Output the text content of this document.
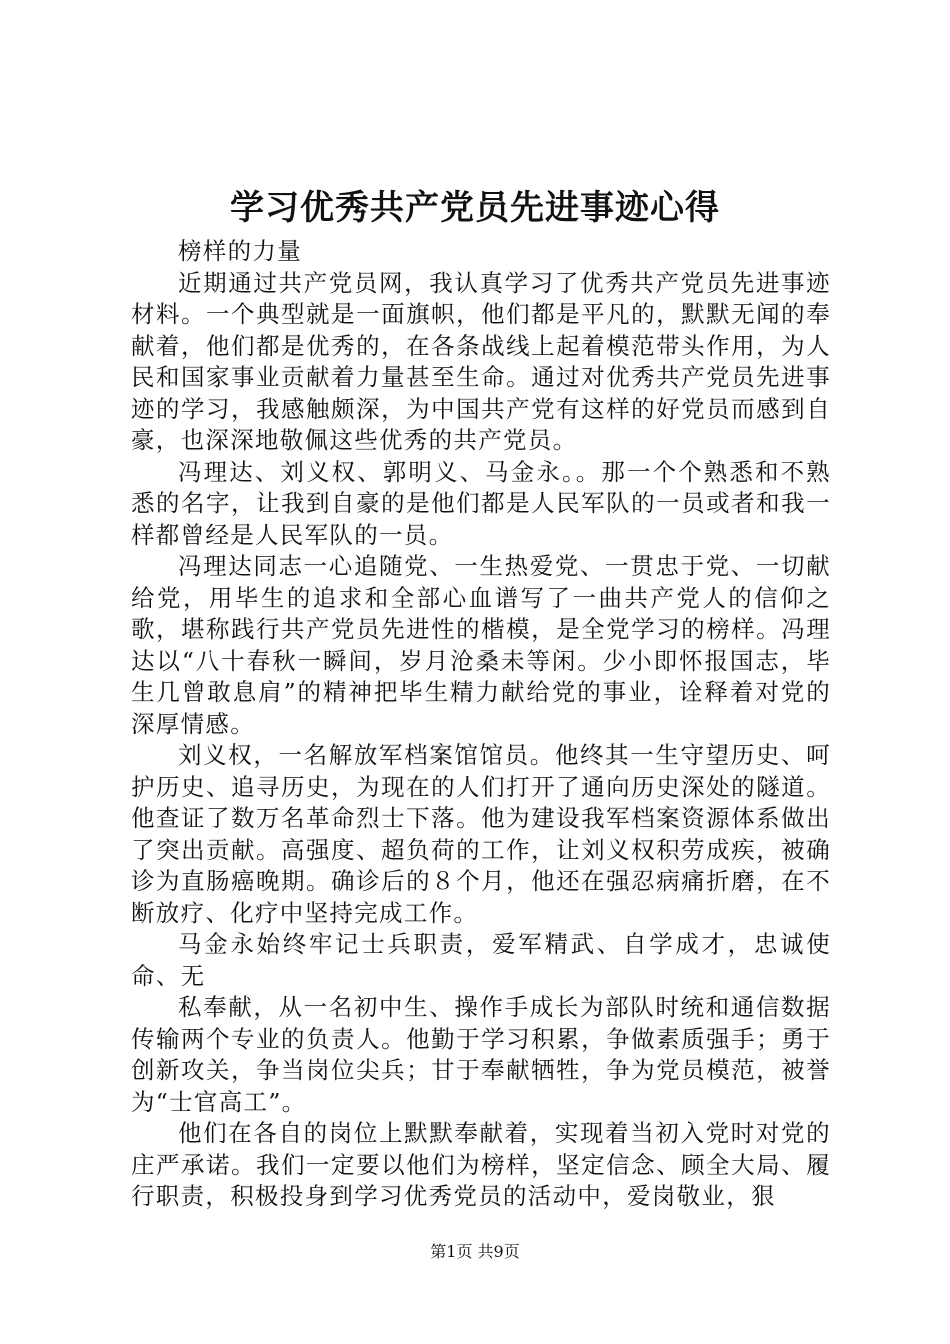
学习优秀共产党员先进事迹心得

榜样的力量

近期通过共产党员网，我认真学习了优秀共产党员先进事迹材料。一个典型就是一面旗帜，他们都是平凡的，默默无闻的奉献着，他们都是优秀的，在各条战线上起着模范带头作用，为人民和国家事业贡献着力量甚至生命。通过对优秀共产党员先进事迹的学习，我感触颇深，为中国共产党有这样的好党员而感到自豪，也深深地敬佩这些优秀的共产党员。

冯理达、刘义权、郭明义、马金永。。那一个个熟悉和不熟悉的名字，让我到自豪的是他们都是人民军队的一员或者和我一样都曾经是人民军队的一员。

冯理达同志一心追随党、一生热爱党、一贯忠于党、一切献给党，用毕生的追求和全部心血谱写了一曲共产党人的信仰之歌，堪称践行共产党员先进性的楷模，是全党学习的榜样。冯理达以“八十春秋一瞬间，岁月沧桑未等闲。少小即怀报国志，毕生几曾敢息肩”的精神把毕生精力献给党的事业，诠释着对党的深厚情感。

刘义权，一名解放军档案馆馆员。他终其一生守望历史、呵护历史、追寻历史，为现在的人们打开了通向历史深处的隧道。他查证了数万名革命烈士下落。他为建设我军档案资源体系做出了突出贡献。高强度、超负荷的工作，让刘义权积劳成疾，被确诊为直肠癌晚期。确诊后的８个月，他还在强忍病痛折磨，在不断放疗、化疗中坚持完成工作。

马金永始终牢记士兵职责，爱军精武、自学成才，忠诚使命、无

私奉献，从一名初中生、操作手成长为部队时统和通信数据传输两个专业的负责人。他勤于学习积累，争做素质强手；勇于创新攻关，争当岗位尖兵；甘于奉献牺牲，争为党员模范，被誉为“士官高工”。

他们在各自的岗位上默默奉献着，实现着当初入党时对党的庄严承诺。我们一定要以他们为榜样，坚定信念、顾全大局、履行职责，积极投身到学习优秀党员的活动中，爱岗敬业，狠

第1页 共9页
